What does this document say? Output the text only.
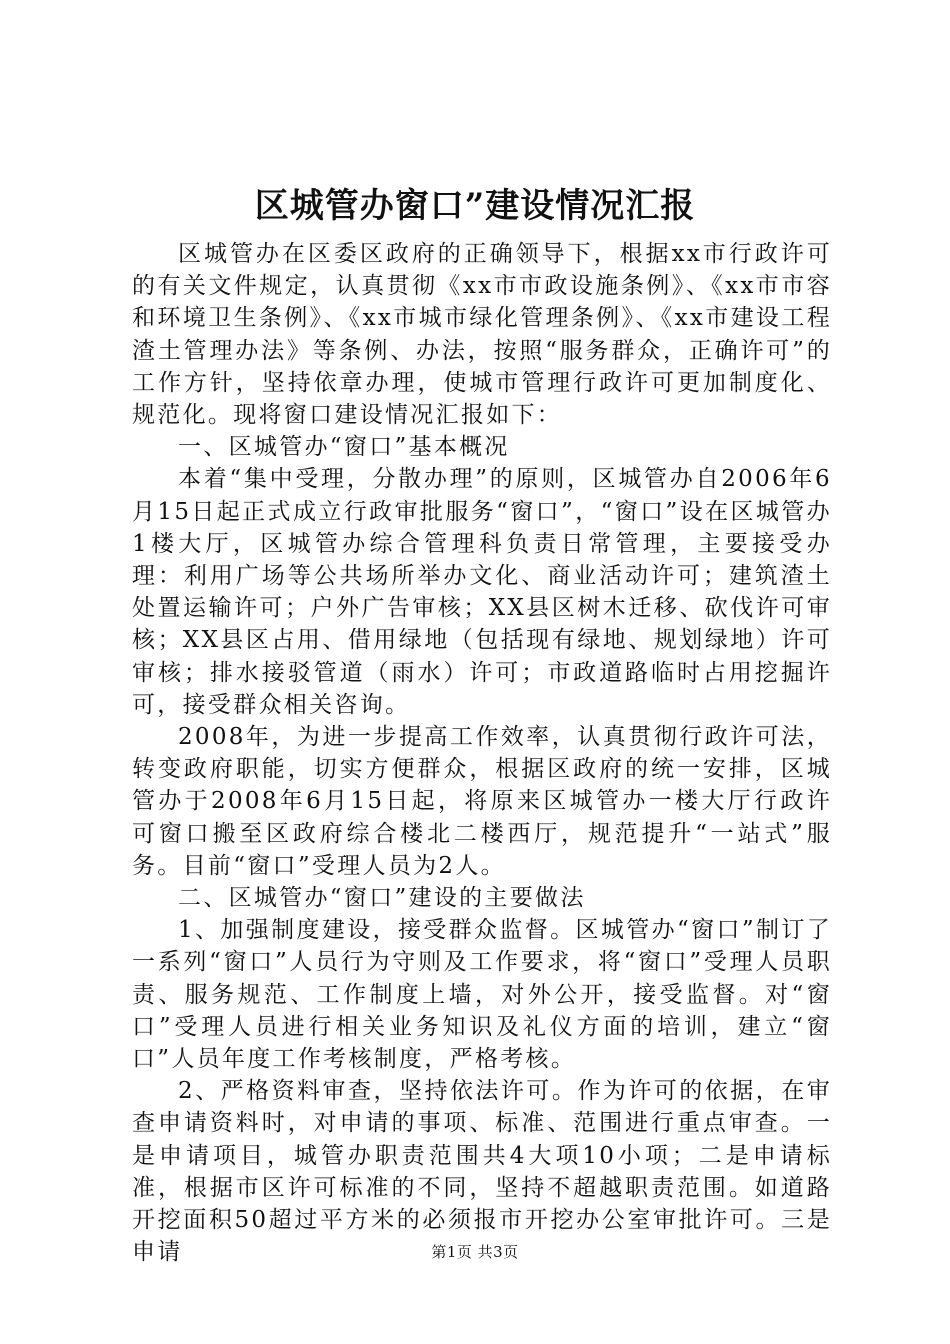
区城管办窗口”建设情况汇报

区城管办在区委区政府的正确领导下，根据xx市行政许可的有关文件规定，认真贯彻《xx市市政设施条例》、《xx市市容和环境卫生条例》、《xx市城市绿化管理条例》、《xx市建设工程渣土管理办法》等条例、办法，按照“服务群众，正确许可”的工作方针，坚持依章办理，使城市管理行政许可更加制度化、规范化。现将窗口建设情况汇报如下：

一、区城管办“窗口”基本概况

本着“集中受理，分散办理”的原则，区城管办自2006年6月15日起正式成立行政审批服务“窗口”，“窗口”设在区城管办1楼大厅，区城管办综合管理科负责日常管理，主要接受办理：利用广场等公共场所举办文化、商业活动许可；建筑渣土处置运输许可；户外广告审核；XX县区树木迁移、砍伐许可审核；XX县区占用、借用绿地（包括现有绿地、规划绿地）许可审核；排水接驳管道（雨水）许可；市政道路临时占用挖掘许可，接受群众相关咨询。

2008年，为进一步提高工作效率，认真贯彻行政许可法，转变政府职能，切实方便群众，根据区政府的统一安排，区城管办于2008年6月15日起，将原来区城管办一楼大厅行政许可窗口搬至区政府综合楼北二楼西厅，规范提升“一站式”服务。目前“窗口”受理人员为2人。

二、区城管办“窗口”建设的主要做法

1、加强制度建设，接受群众监督。区城管办“窗口”制订了一系列“窗口”人员行为守则及工作要求，将“窗口”受理人员职责、服务规范、工作制度上墙，对外公开，接受监督。对“窗口”受理人员进行相关业务知识及礼仪方面的培训，建立“窗口”人员年度工作考核制度，严格考核。

2、严格资料审查，坚持依法许可。作为许可的依据，在审查申请资料时，对申请的事项、标准、范围进行重点审查。一是申请项目，城管办职责范围共4大项10小项；二是申请标准，根据市区许可标准的不同，坚持不超越职责范围。如道路开挖面积50超过平方米的必须报市开挖办公室审批许可。三是申请	第1页 共3页
